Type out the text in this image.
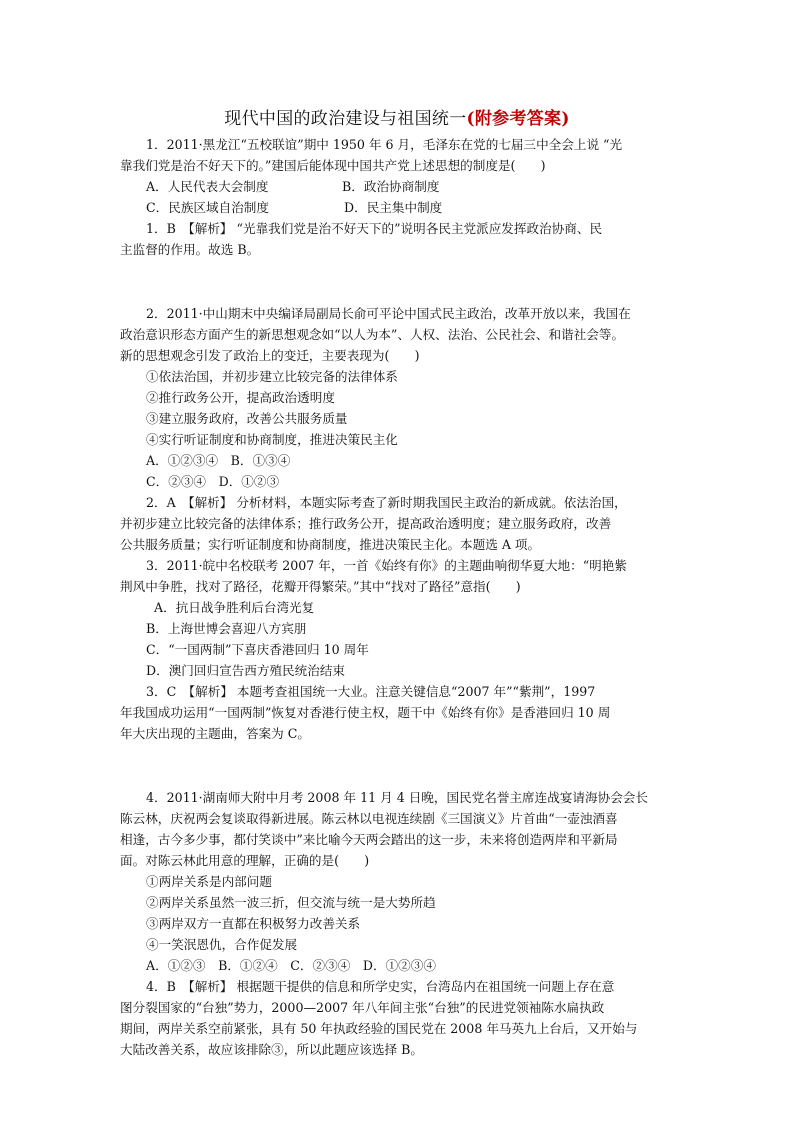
现代中国的政治建设与祖国统一(附参考答案)
1．2011·黑龙江“五校联谊”期中 1950 年 6 月，毛泽东在党的七届三中全会上说 “光
靠我们党是治不好天下的。”建国后能体现中国共产党上述思想的制度是(　　)
A．人民代表大会制度	B．政治协商制度
C．民族区域自治制度	D．民主集中制度
1．B　【解析】 “光靠我们党是治不好天下的”说明各民主党派应发挥政治协商、民
主监督的作用。故选 B。
2．2011·中山期末中央编译局副局长俞可平论中国式民主政治，改革开放以来，我国在
政治意识形态方面产生的新思想观念如“以人为本”、人权、法治、公民社会、和谐社会等。
新的思想观念引发了政治上的变迁，主要表现为(　　)
①依法治国，并初步建立比较完备的法律体系
②推行政务公开，提高政治透明度
③建立服务政府，改善公共服务质量
④实行听证制度和协商制度，推进决策民主化
A．①②③④　B．①③④
C．②③④　D．①②③
2．A　【解析】 分析材料，本题实际考查了新时期我国民主政治的新成就。依法治国，
并初步建立比较完备的法律体系；推行政务公开，提高政治透明度；建立服务政府，改善
公共服务质量；实行听证制度和协商制度，推进决策民主化。本题选 A 项。
3．2011·皖中名校联考 2007 年，一首《始终有你》的主题曲响彻华夏大地：“明艳紫
荆风中争胜，找对了路径，花瓣开得繁荣。”其中“找对了路径”意指(　　)
A．抗日战争胜利后台湾光复
B．上海世博会喜迎八方宾朋
C．“一国两制”下喜庆香港回归 10 周年
D．澳门回归宣告西方殖民统治结束
3．C　【解析】 本题考查祖国统一大业。注意关键信息“2007 年”“紫荆”，1997
年我国成功运用“一国两制”恢复对香港行使主权，题干中《始终有你》是香港回归 10 周
年大庆出现的主题曲，答案为 C。
4．2011·湖南师大附中月考 2008 年 11 月 4 日晚，国民党名誉主席连战宴请海协会会长
陈云林，庆祝两会复谈取得新进展。陈云林以电视连续剧《三国演义》片首曲“一壶浊酒喜
相逢，古今多少事，都付笑谈中”来比喻今天两会踏出的这一步，未来将创造两岸和平新局
面。对陈云林此用意的理解，正确的是(　　)
①两岸关系是内部问题
②两岸关系虽然一波三折，但交流与统一是大势所趋
③两岸双方一直都在积极努力改善关系
④一笑泯恩仇，合作促发展
A．①②③　B．①②④　C．②③④　D．①②③④
4．B　【解析】 根据题干提供的信息和所学史实，台湾岛内在祖国统一问题上存在意
图分裂国家的“台独”势力，2000—2007 年八年间主张“台独”的民进党领袖陈水扁执政
期间，两岸关系空前紧张，具有 50 年执政经验的国民党在 2008 年马英九上台后，又开始与
大陆改善关系，故应该排除③，所以此题应该选择 B。
